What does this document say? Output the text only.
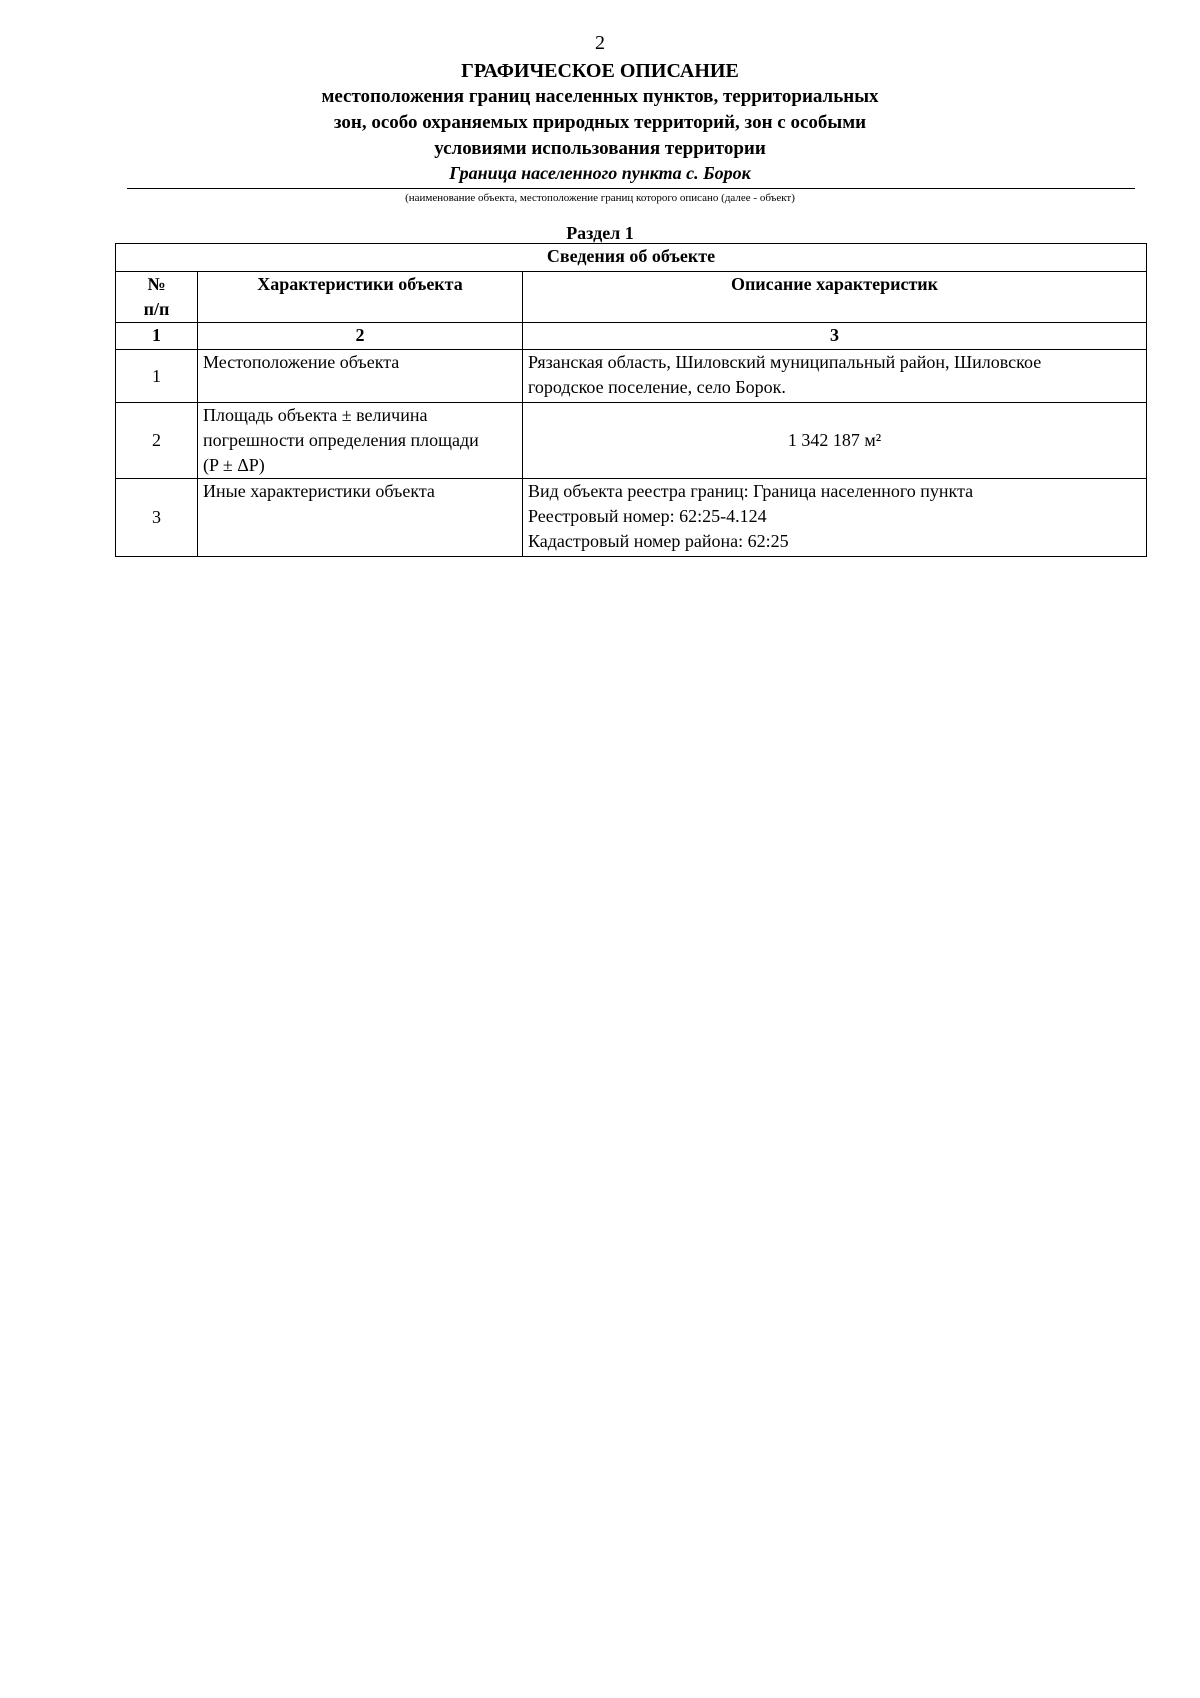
2
ГРАФИЧЕСКОЕ ОПИСАНИЕ
местоположения границ населенных пунктов, территориальных
зон, особо охраняемых природных территорий, зон с особыми
условиями использования территории
Граница населенного пункта с. Борок
(наименование объекта, местоположение границ которого описано (далее - объект)
Раздел 1
Сведения об объекте		

№
п/п	Характеристики объекта	Описание характеристик
1	2	3
1	Местоположение объекта	Рязанская область, Шиловский муниципальный район, Шиловское
городское поселение, село Борок.

2	Площадь объекта ± величина
погрешности определения площади
(P ± ΔP)	1 342 187 м²
3	Иные характеристики объекта	Вид объекта реестра границ: Граница населенного пункта
Реестровый номер: 62:25-4.124
Кадастровый номер района: 62:25
